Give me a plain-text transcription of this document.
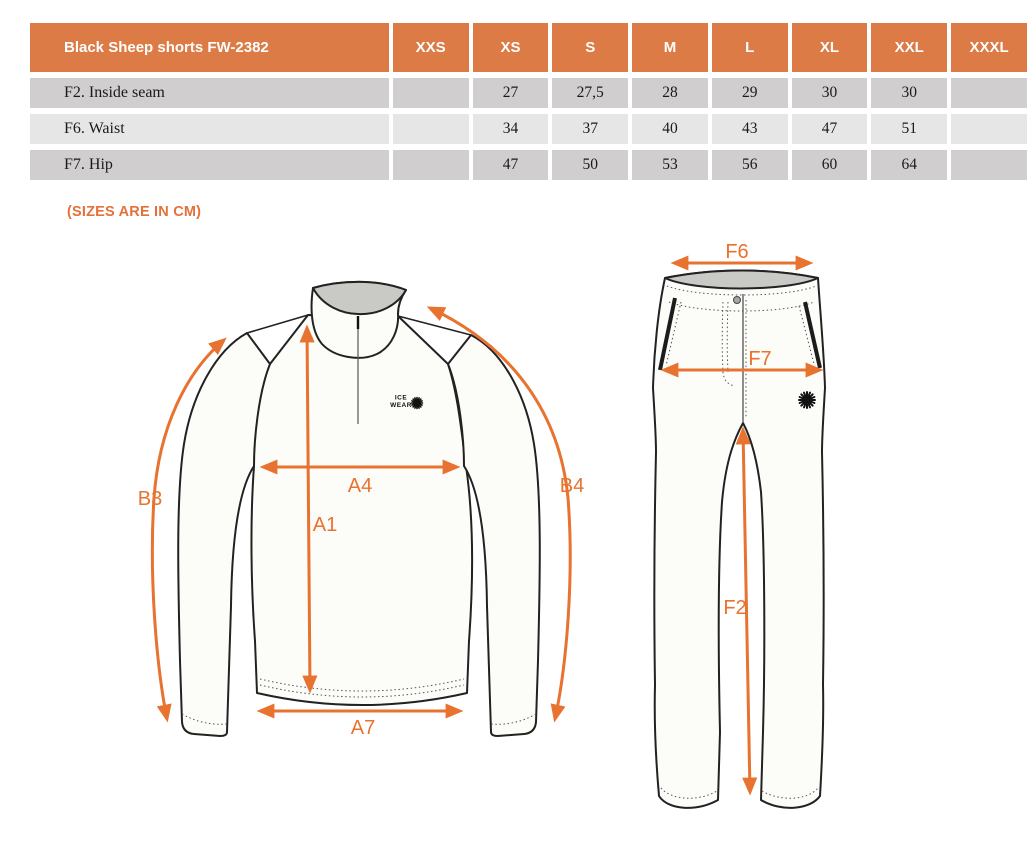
Black Sheep shorts FW-2382	XXS	XS	S	M	L	XL	XXL	XXXL
F2. Inside seam		27	27,5	28	29	30	30	
F6. Waist		34	37	40	43	47	51	
F7. Hip		47	50	53	56	60	64	
(SIZES ARE IN CM)
ICE
WEAR
B3
B4
A4
A1
A7
F6
F7
F2
